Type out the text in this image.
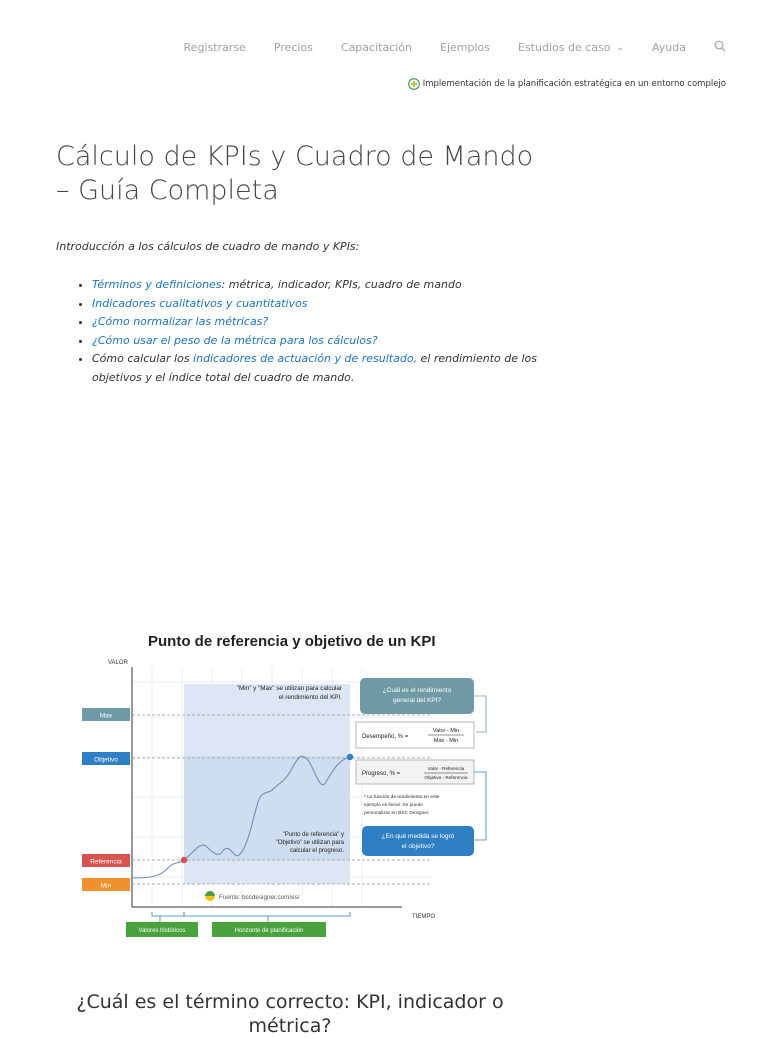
Registrarse	Precios	Capacitación	Ejemplos	Estudios de caso ⌄	Ayuda
Implementación de la planificación estratégica en un entorno complejo
Cálculo de KPIs y Cuadro de Mando – Guía Completa
Introducción a los cálculos de cuadro de mando y KPIs:
• Términos y definiciones: métrica, indicador, KPIs, cuadro de mando
• Indicadores cualitativos y cuantitativos
• ¿Cómo normalizar las métricas?
• ¿Cómo usar el peso de la métrica para los cálculos?
• Cómo calcular los indicadores de actuación y de resultado, el rendimiento de los objetivos y el índice total del cuadro de mando.
Punto de referencia y objetivo de un KPI
VALOR
TIEMPO
Max
Objetivo
Referencia
Min
"Min" y "Max" se utilizan para calcular
el rendimiento del KPI.
¿Cuál es el rendimiento
general del KPI?
Desempeño, % =
Valor - Min
Max - Min
Progreso, % =
Valor - Referencia
Objetivo - Referencia
* La función de rendimiento en este
ejemplo es lineal. Se puede
personalizar en BSC Designer.
¿En qué medida se logró
el objetivo?
"Punto de referencia" y
"Objetivo" se utilizan para
calcular el progreso.
Fuente: bscdesigner.com/es/
Valores históricos	Horizonte de planificación
¿Cuál es el término correcto: KPI, indicador o métrica?
